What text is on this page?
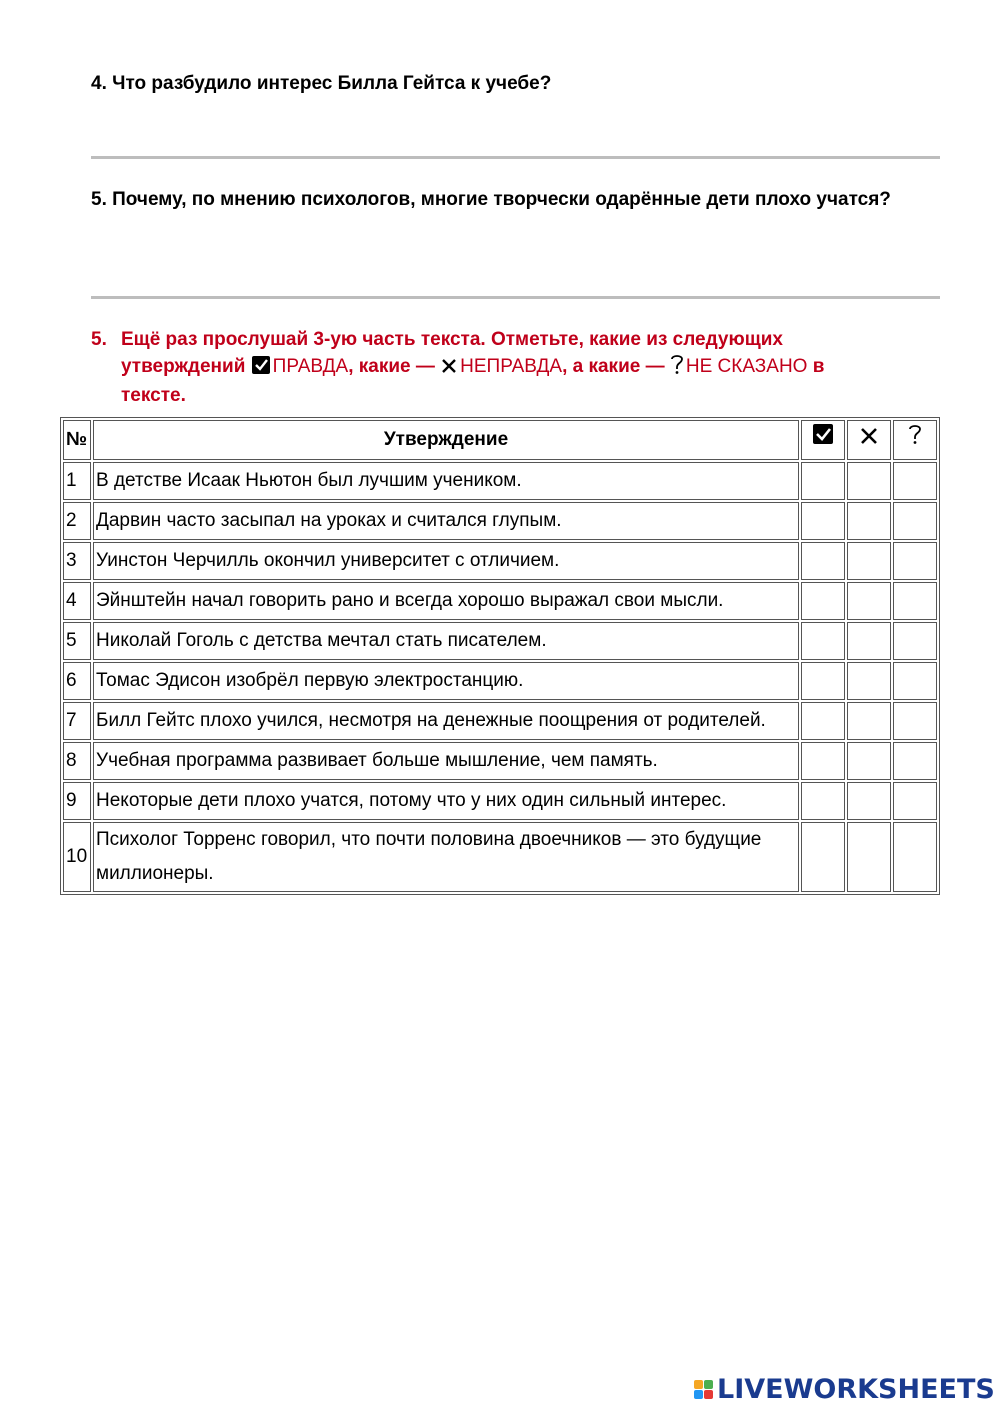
4. Что разбудило интерес Билла Гейтса к учебе?
5. Почему, по мнению психологов, многие творчески одарённые дети плохо учатся?
5. Ещё раз прослушай 3-ую часть текста. Отметьте, какие из следующих утверждений ПРАВДА, какие — НЕПРАВДА, а какие — НЕ СКАЗАНО в тексте.
№	Утверждение			
1	В детстве Исаак Ньютон был лучшим учеником.			
2	Дарвин часто засыпал на уроках и считался глупым.			
3	Уинстон Черчилль окончил университет с отличием.			
4	Эйнштейн начал говорить рано и всегда хорошо выражал свои мысли.			
5	Николай Гоголь с детства мечтал стать писателем.			
6	Томас Эдисон изобрёл первую электростанцию.			
7	Билл Гейтс плохо учился, несмотря на денежные поощрения от родителей.			
8	Учебная программа развивает больше мышление, чем память.			
9	Некоторые дети плохо учатся, потому что у них один сильный интерес.			
10	Психолог Торренс говорил, что почти половина двоечников — это будущие миллионеры.			
LIVEWORKSHEETS
